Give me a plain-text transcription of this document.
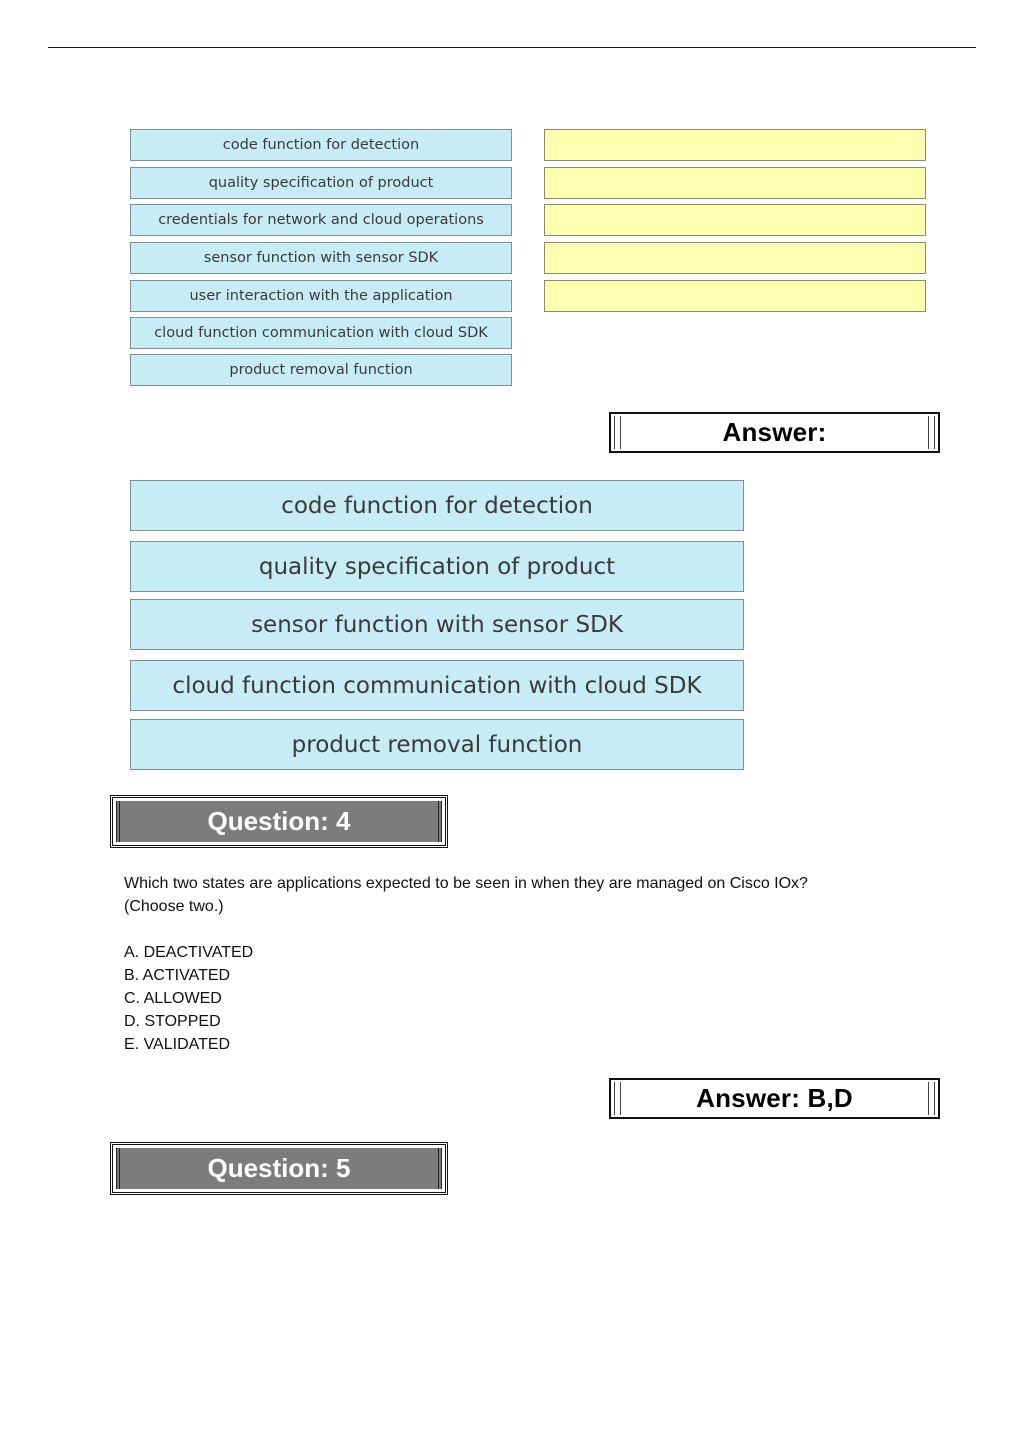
code function for detection
quality specification of product
credentials for network and cloud operations
sensor function with sensor SDK
user interaction with the application
cloud function communication with cloud SDK
product removal function
Answer:
code function for detection
quality specification of product
sensor function with sensor SDK
cloud function communication with cloud SDK
product removal function
Question: 4
Which two states are applications expected to be seen in when they are managed on Cisco IOx?
(Choose two.)
A. DEACTIVATED
B. ACTIVATED
C. ALLOWED
D. STOPPED
E. VALIDATED
Answer: B,D
Question: 5
